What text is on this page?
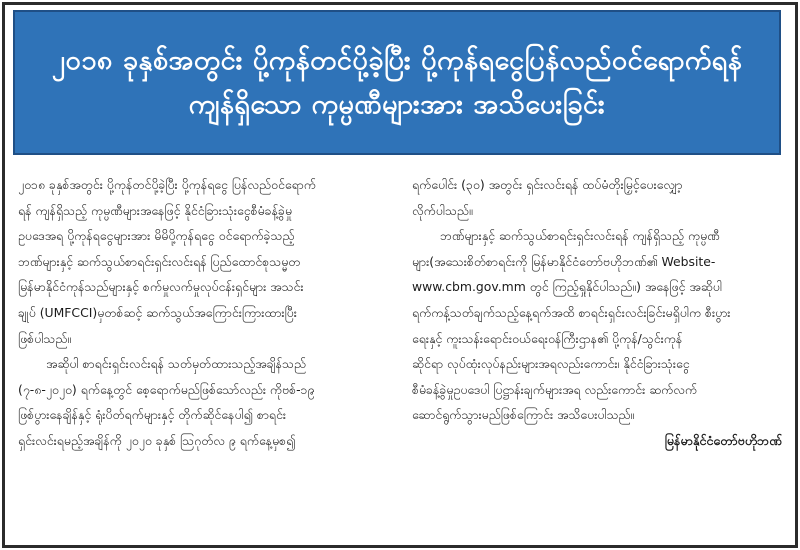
၂၀၁၈ ခုနှစ်အတွင်း ပို့ကုန်တင်ပို့ခဲ့ပြီး ပို့ကုန်ရငွေပြန်လည်ဝင်ရောက်ရန်
ကျန်ရှိသော ကုမ္ပဏီများအား အသိပေးခြင်း
၂၀၁၈ ခုနှစ်အတွင်း ပို့ကုန်တင်ပို့ခဲ့ပြီး ပို့ကုန်ရငွေ ပြန်လည်ဝင်ရောက်
ရန် ကျန်ရှိသည့် ကုမ္ပဏီများအနေဖြင့် နိုင်ငံခြားသုံးငွေစီမံခန့်ခွဲမှု
ဥပဒေအရ ပို့ကုန်ရငွေများအား မိမိပို့ကုန်ရငွေ ဝင်ရောက်ခဲ့သည့်
ဘဏ်များနှင့် ဆက်သွယ်စာရင်းရှင်းလင်းရန် ပြည်ထောင်စုသမ္မတ
မြန်မာနိုင်ငံကုန်သည်များနှင့် စက်မှုလက်မှုလုပ်ငန်းရှင်များ အသင်း
ချုပ် (UMFCCI)မှတစ်ဆင့် ဆက်သွယ်အကြောင်းကြားထားပြီး
ဖြစ်ပါသည်။
အဆိုပါ စာရင်းရှင်းလင်းရန် သတ်မှတ်ထားသည့်အချိန်သည်
(၇-၈-၂၀၂၀) ရက်နေ့တွင် စေ့ရောက်မည်ဖြစ်သော်လည်း ကိုဗစ်-၁၉
ဖြစ်ပွားနေချိန်နှင့် ရုံးပိတ်ရက်များနှင့် တိုက်ဆိုင်နေပါ၍ စာရင်း
ရှင်းလင်းရမည့်အချိန်ကို ၂၀၂၀ ခုနှစ် ဩဂုတ်လ ၉ ရက်နေ့မှစ၍
ရက်ပေါင်း (၃၀) အတွင်း ရှင်းလင်းရန် ထပ်မံတိုးမြှင့်ပေးလျှော့
လိုက်ပါသည်။
ဘဏ်များနှင့် ဆက်သွယ်စာရင်းရှင်းလင်းရန် ကျန်ရှိသည့် ကုမ္ပဏီ
များ(အသေးစိတ်စာရင်းကို မြန်မာနိုင်ငံတော်ဗဟိုဘဏ်၏ Website-
www.cbm.gov.mm တွင် ကြည့်ရှုနိုင်ပါသည်။) အနေဖြင့် အဆိုပါ
ရက်ကန့်သတ်ချက်သည့်နေ့ရက်အထိ စာရင်းရှင်းလင်းခြင်းမရှိပါက စီးပွား
ရေးနှင့် ကူးသန်းရောင်းဝယ်ရေးဝန်ကြီးဌာန၏ ပို့ကုန်/သွင်းကုန်
ဆိုင်ရာ လုပ်ထုံးလုပ်နည်းများအရလည်းကောင်း၊ နိုင်ငံခြားသုံးငွေ
စီမံခန့်ခွဲမှုဥပဒေပါ ပြဋ္ဌာန်းချက်များအရ လည်းကောင်း ဆက်လက်
ဆောင်ရွက်သွားမည်ဖြစ်ကြောင်း အသိပေးပါသည်။
မြန်မာနိုင်ငံတော်ဗဟိုဘဏ်
